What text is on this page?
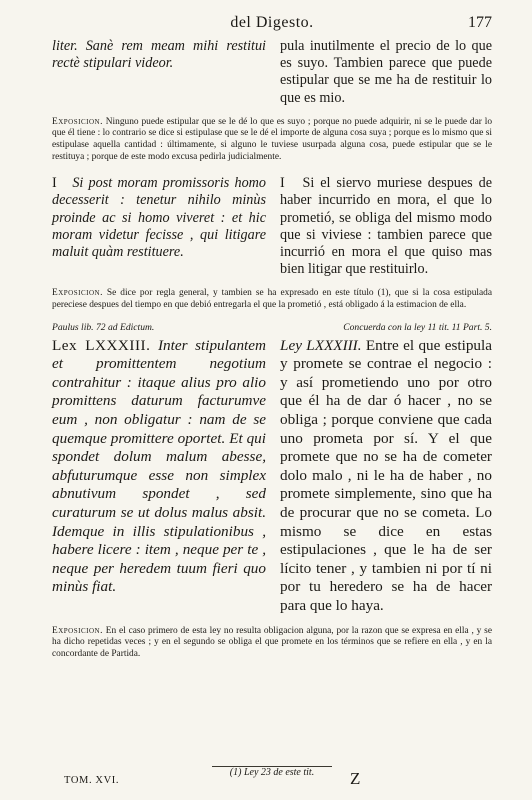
del Digesto.	177
liter. Sanè rem meam mihi restitui rectè stipulari videor.
pula inutilmente el precio de lo que es suyo. Tambien parece que puede estipular que se me ha de restituir lo que es mio.
Exposicion. Ninguno puede estipular que se le dé lo que es suyo ; porque no puede adquirir, ni se le puede dar lo que él tiene : lo contrario se dice si estipulase que se le dé el importe de alguna cosa suya ; porque es lo mismo que si estipulase aquella cantidad : últimamente, si alguno le tuviese usurpada alguna cosa, puede estipular que se le restituya ; porque de este modo excusa pedirla judicialmente.
I Si post moram promissoris homo decesserit : tenetur nihilo minùs proinde ac si homo viveret : et hic moram videtur fecisse , qui litigare maluit quàm restituere.
I Si el siervo muriese despues de haber incurrido en mora, el que lo prometió, se obliga del mismo modo que si viviese : tambien parece que incurrió en mora el que quiso mas bien litigar que restituirlo.
Exposicion. Se dice por regla general, y tambien se ha expresado en este título (1), que si la cosa estipulada pereciese despues del tiempo en que debió entregarla el que la prometió , está obligado á la estimacion de ella.
Paulus lib. 72 ad Edictum.	Concuerda con la ley 11 tit. 11 Part. 5.
Lex LXXXIII. Inter stipulantem et promittentem negotium contrahitur : itaque alius pro alio promittens daturum facturumve eum , non obligatur : nam de se quemque promittere oportet. Et qui spondet dolum malum abesse, abfuturumque esse non simplex abnutivum spondet , sed curaturum se ut dolus malus absit. Idemque in illis stipulationibus , habere licere : item , neque per te , neque per heredem tuum fieri quo minùs fiat.
Ley LXXXIII. Entre el que estipula y promete se contrae el negocio : y así prometiendo uno por otro que él ha de dar ó hacer , no se obliga ; porque conviene que cada uno prometa por sí. Y el que promete que no se ha de cometer dolo malo , ni le ha de haber , no promete simplemente, sino que ha de procurar que no se cometa. Lo mismo se dice en estas estipulaciones , que le ha de ser lícito tener , y tambien ni por tí ni por tu heredero se ha de hacer para que lo haya.
Exposicion. En el caso primero de esta ley no resulta obligacion alguna, por la razon que se expresa en ella , y se ha dicho repetidas veces ; y en el segundo se obliga el que promete en los términos que se refiere en ella , y en la concordante de Partida.
(1) Ley 23 de este tit.
TOM. XVI.	Z
